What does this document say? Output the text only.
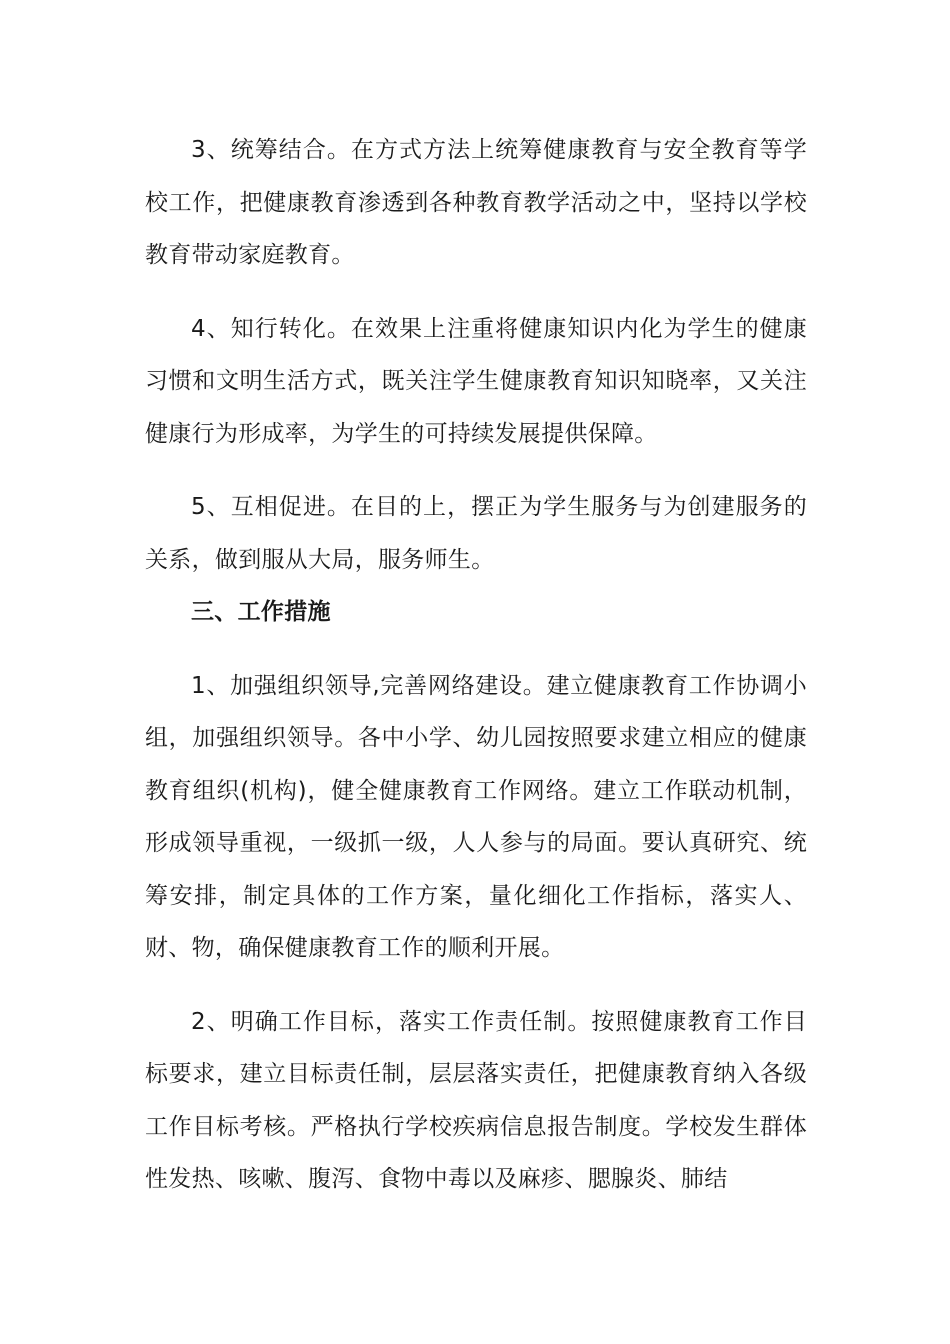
3、统筹结合。在方式方法上统筹健康教育与安全教育等学校工作，把健康教育渗透到各种教育教学活动之中，坚持以学校教育带动家庭教育。

4、知行转化。在效果上注重将健康知识内化为学生的健康习惯和文明生活方式，既关注学生健康教育知识知晓率，又关注健康行为形成率，为学生的可持续发展提供保障。

5、互相促进。在目的上，摆正为学生服务与为创建服务的关系，做到服从大局，服务师生。

三、工作措施

1、加强组织领导,完善网络建设。建立健康教育工作协调小组，加强组织领导。各中小学、幼儿园按照要求建立相应的健康教育组织(机构)，健全健康教育工作网络。建立工作联动机制，形成领导重视，一级抓一级，人人参与的局面。要认真研究、统筹安排，制定具体的工作方案，量化细化工作指标，落实人、财、物，确保健康教育工作的顺利开展。

2、明确工作目标，落实工作责任制。按照健康教育工作目标要求，建立目标责任制，层层落实责任，把健康教育纳入各级工作目标考核。严格执行学校疾病信息报告制度。学校发生群体性发热、咳嗽、腹泻、食物中毒以及麻疹、腮腺炎、肺结
